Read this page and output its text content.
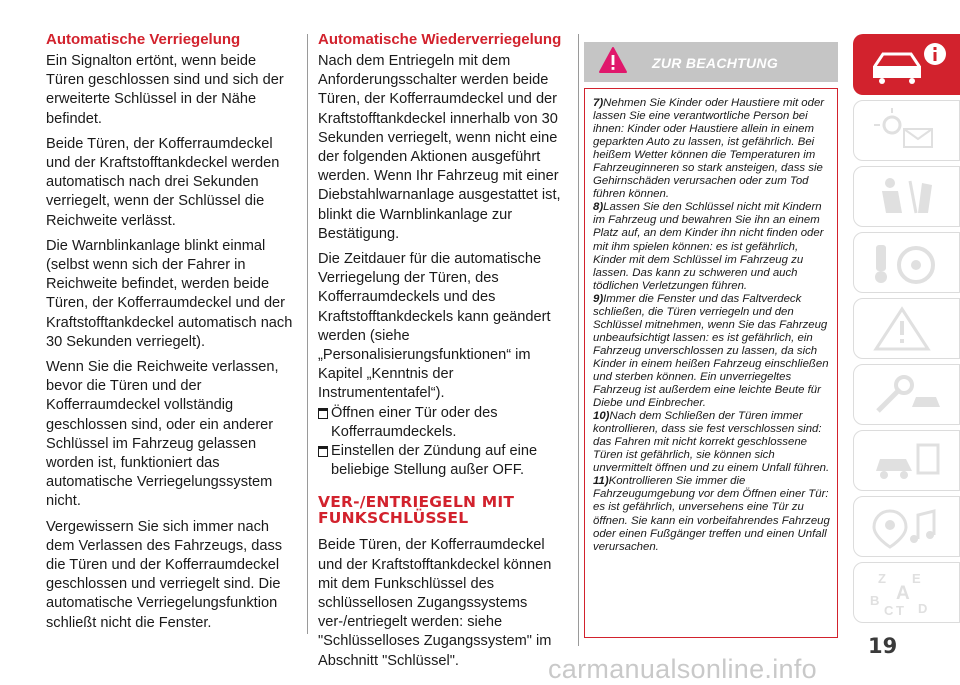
Automatische Verriegelung

Ein Signalton ertönt, wenn beide Türen geschlossen sind und sich der erweiterte Schlüssel in der Nähe befindet.

Beide Türen, der Kofferraumdeckel und der Kraftstofftankdeckel werden automatisch nach drei Sekunden verriegelt, wenn der Schlüssel die Reichweite verlässt.

Die Warnblinkanlage blinkt einmal (selbst wenn sich der Fahrer in Reichweite befindet, werden beide Türen, der Kofferraumdeckel und der Kraftstofftankdeckel automatisch nach 30 Sekunden verriegelt).

Wenn Sie die Reichweite verlassen, bevor die Türen und der Kofferraumdeckel vollständig geschlossen sind, oder ein anderer Schlüssel im Fahrzeug gelassen worden ist, funktioniert das automatische Verriegelungssystem nicht.

Vergewissern Sie sich immer nach dem Verlassen des Fahrzeugs, dass die Türen und der Kofferraumdeckel geschlossen und verriegelt sind. Die automatische Verriegelungsfunktion schließt nicht die Fenster.

Automatische Wiederverriegelung

Nach dem Entriegeln mit dem Anforderungsschalter werden beide Türen, der Kofferraumdeckel und der Kraftstofftankdeckel innerhalb von 30 Sekunden verriegelt, wenn nicht eine der folgenden Aktionen ausgeführt werden. Wenn Ihr Fahrzeug mit einer Diebstahlwarnanlage ausgestattet ist, blinkt die Warnblinkanlage zur Bestätigung.

Die Zeitdauer für die automatische Verriegelung der Türen, des Kofferraumdeckels und des Kraftstofftankdeckels kann geändert werden (siehe „Personalisierungsfunktionen“ im Kapitel „Kenntnis der Instrumententafel“).

Öffnen einer Tür oder des Kofferraumdeckels.
Einstellen der Zündung auf eine beliebige Stellung außer OFF.
VER-/ENTRIEGELN MIT FUNKSCHLÜSSEL

Beide Türen, der Kofferraumdeckel und der Kraftstofftankdeckel können mit dem Funkschlüssel des schlüssellosen Zugangssystems ver-/entriegelt werden: siehe "Schlüsselloses Zugangssystem" im Abschnitt "Schlüssel".

ZUR BEACHTUNG

7)Nehmen Sie Kinder oder Haustiere mit oder lassen Sie eine verantwortliche Person bei ihnen: Kinder oder Haustiere allein in einem geparkten Auto zu lassen, ist gefährlich. Bei heißem Wetter können die Temperaturen im Fahrzeuginneren so stark ansteigen, dass sie Gehirnschäden verursachen oder zum Tod führen können.

8)Lassen Sie den Schlüssel nicht mit Kindern im Fahrzeug und bewahren Sie ihn an einem Platz auf, an dem Kinder ihn nicht finden oder mit ihm spielen können: es ist gefährlich, Kinder mit dem Schlüssel im Fahrzeug zu lassen. Das kann zu schweren und auch tödlichen Verletzungen führen.

9)Immer die Fenster und das Faltverdeck schließen, die Türen verriegeln und den Schlüssel mitnehmen, wenn Sie das Fahrzeug unbeaufsichtigt lassen: es ist gefährlich, ein Fahrzeug unverschlossen zu lassen, da sich Kinder in einem heißen Fahrzeug einschließen und sterben können. Ein unverriegeltes Fahrzeug ist außerdem eine leichte Beute für Diebe und Einbrecher.

10)Nach dem Schließen der Türen immer kontrollieren, dass sie fest verschlossen sind: das Fahren mit nicht korrekt geschlossene Türen ist gefährlich, sie können sich unvermittelt öffnen und zu einem Unfall führen.

11)Kontrollieren Sie immer die Fahrzeugumgebung vor dem Öffnen einer Tür: es ist gefährlich, unversehens eine Tür zu öffnen. Sie kann ein vorbeifahrendes Fahrzeug oder einen Fußgänger treffen und einen Unfall verursachen.

Z E
A
B
C D
T
19
carmanualsonline.info
